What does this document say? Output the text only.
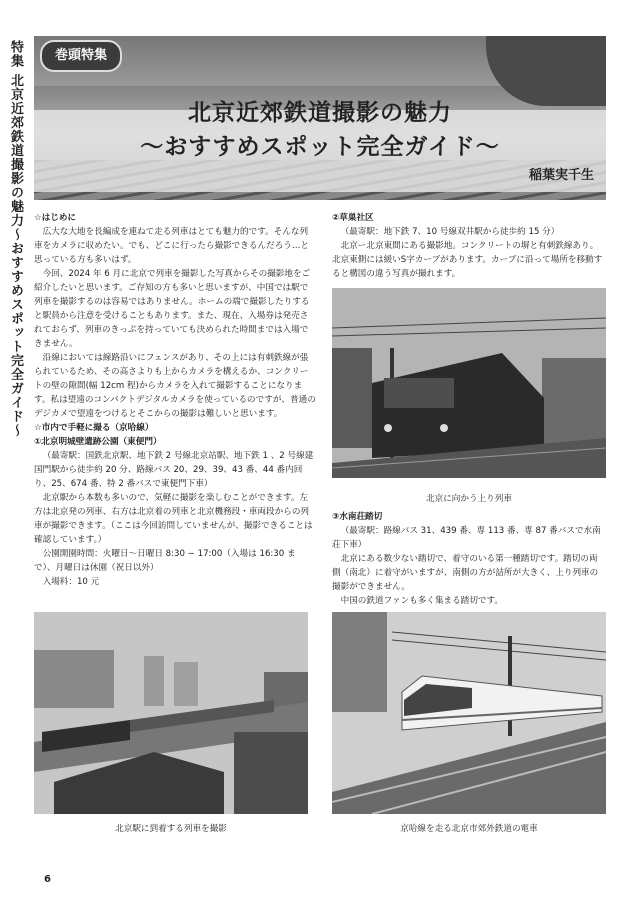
特集 北京近郊鉄道撮影の魅力〜おすすめスポット完全ガイド〜
巻頭特集
北京近郊鉄道撮影の魅力
〜おすすめスポット完全ガイド〜
稲葉実千生

☆はじめに

広大な大地を長編成を連ねて走る列車はとても魅力的です。そんな列車をカメラに収めたい。でも、どこに行ったら撮影できるんだろう…と思っている方も多いはず。

今回、2024 年 6 月に北京で列車を撮影した写真からその撮影地をご紹介したいと思います。ご存知の方も多いと思いますが、中国では駅で列車を撮影するのは容易ではありません。ホームの端で撮影したりすると駅員から注意を受けることもあります。また、現在、入場券は発売されておらず、列車のきっぷを持っていても決められた時間までは入場できません。

沿線においては線路沿いにフェンスがあり、その上には有刺鉄線が張られているため、その高さよりも上からカメラを構えるか、コンクリートの壁の隙間(幅 12cm 程)からカメラを入れて撮影することになります。私は望遠のコンパクトデジタルカメラを使っているのですが、普通のデジカメで望遠をつけるとそこからの撮影は難しいと思います。

☆市内で手軽に撮る（京哈線）

①北京明城壁遺跡公園（東便門）

（最寄駅：国鉄北京駅、地下鉄 2 号線北京站駅、地下鉄 1 、2 号線建国門駅から徒歩約 20 分、路線バス 20、29、39、43 番、44 番内回り、25、674 番、特 2 番バスで東便門下車）

北京駅から本数も多いので、気軽に撮影を楽しむことができます。左方は北京発の列車、右方は北京着の列車と北京機務段・車両段からの列車が撮影できます。（ここは今回訪問していませんが、撮影できることは確認しています。）

公園開園時間：火曜日〜日曜日 8:30 − 17:00（入場は 16:30 まで）、月曜日は休園（祝日以外）

入場料：10 元

②草巣社区

（最寄駅：地下鉄 7、10 号線双井駅から徒歩約 15 分）

北京ー北京東間にある撮影地。コンクリートの塀と有刺鉄線あり。北京東側には緩いS字カーブがあります。カーブに沿って場所を移動すると構図の違う写真が撮れます。

北京に向かう上り列車

③水南荘踏切

（最寄駅：路線バス 31、439 番、専 113 番、専 87 番バスで水南荘下車）

北京にある数少ない踏切で、着守のいる第一種踏切です。踏切の両側（南北）に着守がいますが、南側の方が詰所が大きく、上り列車の撮影ができません。

中国の鉄道ファンも多く集まる踏切です。

北京駅に到着する列車を撮影	京哈線を走る北京市郊外鉄道の電車
6
